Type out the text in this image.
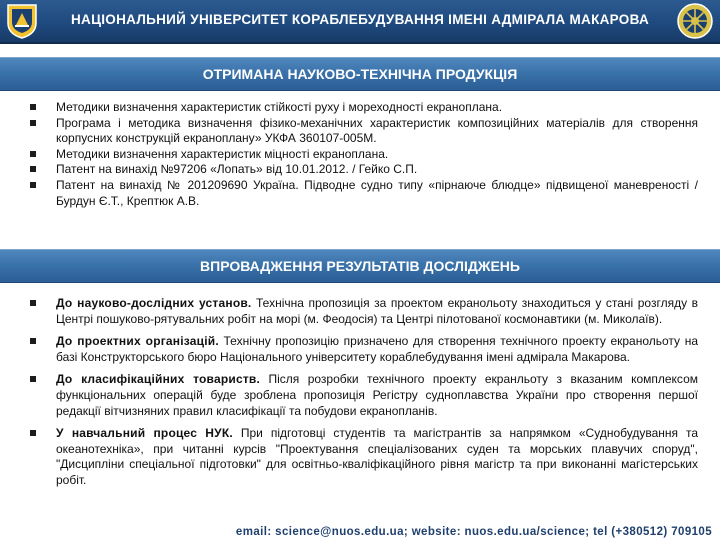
НАЦІОНАЛЬНИЙ УНІВЕРСИТЕТ КОРАБЛЕБУДУВАННЯ ІМЕНІ АДМІРАЛА МАКАРОВА
ОТРИМАНА НАУКОВО-ТЕХНІЧНА ПРОДУКЦІЯ
Методики визначення характеристик стійкості руху і мореходності екраноплана.
Програма і методика визначення фізико-механічних характеристик композиційних матеріалів для створення корпусних конструкцій екраноплану» УКФА 360107-005М.
Методики визначення характеристик міцності екраноплана.
Патент на винахід №97206 «Лопать» від 10.01.2012. / Гейко С.П.
Патент на винахід № 201209690 Україна. Підводне судно типу «пірнаюче блюдце» підвищеної маневреності / Бурдун Є.Т., Крептюк А.В.
ВПРОВАДЖЕННЯ РЕЗУЛЬТАТІВ ДОСЛІДЖЕНЬ
До науково-дослідних установ. Технічна пропозиція за проектом екранольоту знаходиться у стані розгляду в Центрі пошуково-рятувальних робіт на морі (м. Феодосія) та Центрі пілотованої космонавтики (м. Миколаїв).
До проектних організацій. Технічну пропозицію призначено для створення технічного проекту екранольоту на базі Конструкторського бюро Національного університету кораблебудування імені адмірала Макарова.
До класифікаційних товариств. Після розробки технічного проекту екранльоту з вказаним комплексом функціональних операцій буде зроблена пропозиція Регістру судноплавства України про створення першої редакції вітчизняних правил класифікації та побудови екранопланів.
У навчальний процес НУК. При підготовці студентів та магістрантів за напрямком «Суднобудування та океанотехніка», при читанні курсів "Проектування спеціалізованих суден та морських плавучих споруд", "Дисципліни спеціальної підготовки" для освітньо-кваліфікаційного рівня магістр та при виконанні магістерських робіт.
email: science@nuos.edu.ua; website: nuos.edu.ua/science; tel (+380512) 709105
